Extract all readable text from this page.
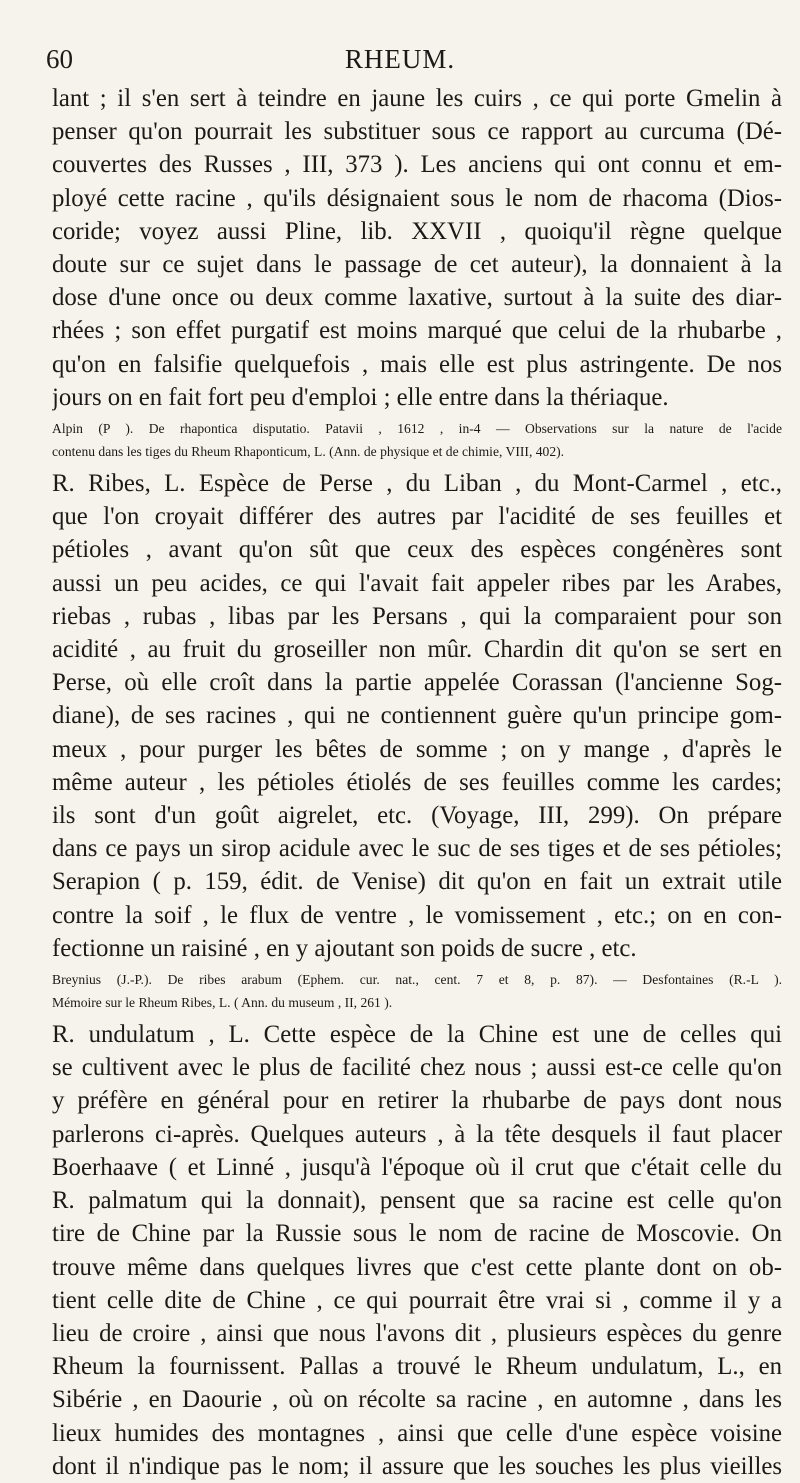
60	RHEUM.
lant ; il s'en sert à teindre en jaune les cuirs , ce qui porte Gmelin à
penser qu'on pourrait les substituer sous ce rapport au curcuma (Dé-
couvertes des Russes , III, 373 ). Les anciens qui ont connu et em-
ployé cette racine , qu'ils désignaient sous le nom de rhacoma (Dios-
coride; voyez aussi Pline, lib. XXVII , quoiqu'il règne quelque
doute sur ce sujet dans le passage de cet auteur), la donnaient à la
dose d'une once ou deux comme laxative, surtout à la suite des diar-
rhées ; son effet purgatif est moins marqué que celui de la rhubarbe ,
qu'on en falsifie quelquefois , mais elle est plus astringente. De nos
jours on en fait fort peu d'emploi ; elle entre dans la thériaque.
Alpin (P ). De rhapontica disputatio. Patavii , 1612 , in-4 — Observations sur la nature de l'acide
contenu dans les tiges du Rheum Rhaponticum, L. (Ann. de physique et de chimie, VIII, 402).
R. Ribes, L. Espèce de Perse , du Liban , du Mont-Carmel , etc.,
que l'on croyait différer des autres par l'acidité de ses feuilles et
pétioles , avant qu'on sût que ceux des espèces congénères sont
aussi un peu acides, ce qui l'avait fait appeler ribes par les Arabes,
riebas , rubas , libas par les Persans , qui la comparaient pour son
acidité , au fruit du groseiller non mûr. Chardin dit qu'on se sert en
Perse, où elle croît dans la partie appelée Corassan (l'ancienne Sog-
diane), de ses racines , qui ne contiennent guère qu'un principe gom-
meux , pour purger les bêtes de somme ; on y mange , d'après le
même auteur , les pétioles étiolés de ses feuilles comme les cardes;
ils sont d'un goût aigrelet, etc. (Voyage, III, 299). On prépare
dans ce pays un sirop acidule avec le suc de ses tiges et de ses pétioles;
Serapion ( p. 159, édit. de Venise) dit qu'on en fait un extrait utile
contre la soif , le flux de ventre , le vomissement , etc.; on en con-
fectionne un raisiné , en y ajoutant son poids de sucre , etc.
Breynius (J.-P.). De ribes arabum (Ephem. cur. nat., cent. 7 et 8, p. 87). — Desfontaines (R.-L ).
Mémoire sur le Rheum Ribes, L. ( Ann. du museum , II, 261 ).
R. undulatum , L. Cette espèce de la Chine est une de celles qui
se cultivent avec le plus de facilité chez nous ; aussi est-ce celle qu'on
y préfère en général pour en retirer la rhubarbe de pays dont nous
parlerons ci-après. Quelques auteurs , à la tête desquels il faut placer
Boerhaave ( et Linné , jusqu'à l'époque où il crut que c'était celle du
R. palmatum qui la donnait), pensent que sa racine est celle qu'on
tire de Chine par la Russie sous le nom de racine de Moscovie. On
trouve même dans quelques livres que c'est cette plante dont on ob-
tient celle dite de Chine , ce qui pourrait être vrai si , comme il y a
lieu de croire , ainsi que nous l'avons dit , plusieurs espèces du genre
Rheum la fournissent. Pallas a trouvé le Rheum undulatum, L., en
Sibérie , en Daourie , où on récolte sa racine , en automne , dans les
lieux humides des montagnes , ainsi que celle d'une espèce voisine
dont il n'indique pas le nom; il assure que les souches les plus vieilles
